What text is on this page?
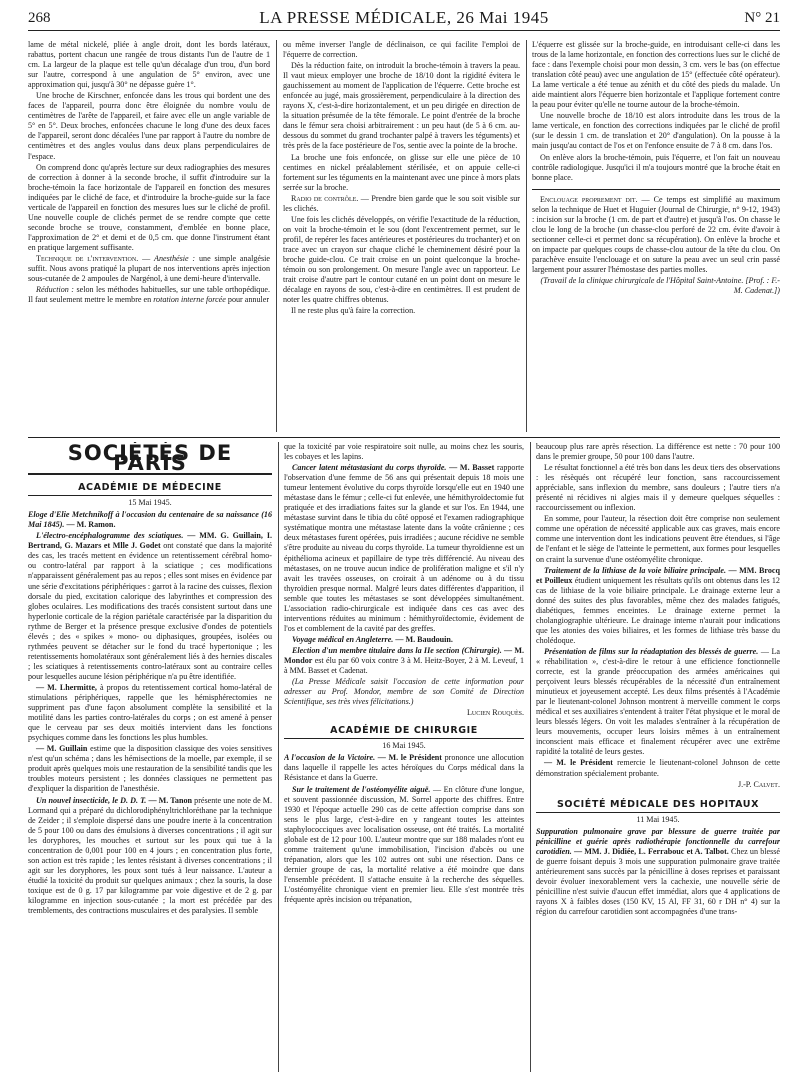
268	LA PRESSE MÉDICALE, 26 Mai 1945	N° 21

lame de métal nickelé, pliée à angle droit, dont les bords latéraux, rabattus, portent chacun une rangée de trous distants l'un de l'autre de 1 cm. La largeur de la plaque est telle qu'un décalage d'un trou, d'un bord sur l'autre, correspond à une angulation de 5° environ, avec une approximation qui, jusqu'à 30° ne dépasse guère 1°.

Une broche de Kirschner, enfoncée dans les trous qui bordent une des faces de l'appareil, pourra donc être éloignée du nombre voulu de centimètres de l'arête de l'appareil, et faire avec elle un angle variable de 5° en 5°. Deux broches, enfoncées chacune le long d'une des deux faces de l'appareil, seront donc décalées l'une par rapport à l'autre du nombre de centimètres et des angles voulus dans deux plans perpendiculaires de l'espace.

On comprend donc qu'après lecture sur deux radiographies des mesures de correction à donner à la seconde broche, il suffit d'introduire sur la broche-témoin la face horizontale de l'appareil en fonction des mesures indiquées par le cliché de face, et d'introduire la broche-guide sur la face verticale de l'appareil en fonction des mesures lues sur le cliché de profil. Une nouvelle couple de clichés permet de se rendre compte que cette seconde broche se trouve, constamment, d'emblée en bonne place, l'approximation de 2° et demi et de 0,5 cm. que donne l'instrument étant en pratique largement suffisante.

Technique de l'intervention. — Anesthésie : une simple analgésie suffit. Nous avons pratiqué la plupart de nos interventions après injection sous-cutanée de 2 ampoules de Nargénol, à une demi-heure d'intervalle.

Réduction : selon les méthodes habituelles, sur une table orthopédique. Il faut seulement mettre le membre en rotation interne forcée pour annuler

ou même inverser l'angle de déclinaison, ce qui facilite l'emploi de l'équerre de correction.

Dès la réduction faite, on introduit la broche-témoin à travers la peau. Il vaut mieux employer une broche de 18/10 dont la rigidité évitera le gauchissement au moment de l'application de l'équerre. Cette broche est enfoncée au jugé, mais grossièrement, perpendiculaire à la direction des rayons X, c'est-à-dire horizontalement, et un peu dirigée en direction de la situation présumée de la tête fémorale. Le point d'entrée de la broche dans le fémur sera choisi arbitrairement : un peu haut (de 5 à 6 cm. au-dessous du sommet du grand trochanter palpé à travers les téguments) et très près de la face postérieure de l'os, sentie avec la pointe de la broche.

La broche une fois enfoncée, on glisse sur elle une pièce de 10 centimes en nickel préalablement stérilisée, et on appuie celle-ci fortement sur les téguments en la maintenant avec une pince à mors plats serrée sur la broche.

Radio de contrôle. — Prendre bien garde que le sou soit visible sur les clichés.

Une fois les clichés développés, on vérifie l'exactitude de la réduction, on voit la broche-témoin et le sou (dont l'excentrement permet, sur le profil, de repérer les faces antérieures et postérieures du trochanter) et on trace avec un crayon sur chaque cliché le cheminement désiré pour la broche guide-clou. Ce trait croise en un point quelconque la broche-témoin ou son prolongement. On mesure l'angle avec un rapporteur. Le trait croise d'autre part le contour cutané en un point dont on mesure le décalage en rayons de sou, c'est-à-dire en centimètres. Il est prudent de noter les quatre chiffres obtenus.

Il ne reste plus qu'à faire la correction.

L'équerre est glissée sur la broche-guide, en introduisant celle-ci dans les trous de la lame horizontale, en fonction des corrections lues sur le cliché de face : dans l'exemple choisi pour mon dessin, 3 cm. vers le bas (on effectue translation côté peau) avec une angulation de 15° (effectuée côté opérateur). La lame verticale a été tenue au zénith et du côté des pieds du malade. Un aide maintient alors l'équerre bien horizontale et l'applique fortement contre la peau pour éviter qu'elle ne tourne autour de la broche-témoin.

Une nouvelle broche de 18/10 est alors introduite dans les trous de la lame verticale, en fonction des corrections indiquées par le cliché de profil (sur le dessin 1 cm. de translation et 20° d'angulation). On la pousse à la main jusqu'au contact de l'os et on l'enfonce ensuite de 7 à 8 cm. dans l'os.

On enlève alors la broche-témoin, puis l'équerre, et l'on fait un nouveau contrôle radiologique. Jusqu'ici il m'a toujours montré que la broche était en bonne place.

Enclouage proprement dit. — Ce temps est simplifié au maximum selon la technique de Huet et Huguier (Journal de Chirurgie, n° 9-12, 1943) : incision sur la broche (1 cm. de part et d'autre) et jusqu'à l'os. On chasse le clou le long de la broche (un chasse-clou perforé de 22 cm. évite d'avoir à sectionner celle-ci et permet donc sa récupération). On enlève la broche et on impacte par quelques coups de chasse-clou autour de la tête du clou. On parachève ensuite l'enclouage et on suture la peau avec un seul crin passé largement pour assurer l'hémostase des parties molles.

(Travail de la clinique chirurgicale de l'Hôpital Saint-Antoine. [Prof. : F.-M. Cadenat.])

SOCIÉTÉS DE PARIS
ACADÉMIE DE MÉDECINE
15 Mai 1945.

Eloge d'Elie Metchnikoff à l'occasion du centenaire de sa naissance (16 Mai 1845). — M. Ramon.

L'électro-encéphalogramme des sciatiques. — MM. G. Guillain, I. Bertrand, G. Mazars et Mlle J. Godet ont constaté que dans la majorité des cas, les tracés mettent en évidence un retentissement cérébral homo- ou contro-latéral par rapport à la sciatique ; ces modifications n'apparaissent généralement pas au repos ; elles sont mises en évidence par une série d'excitations périphériques : garrot à la racine des cuisses, flexion dorsale du pied, excitation calorique des labyrinthes et compression des globes oculaires. Les modifications des tracés consistent surtout dans une hyperlonie corticale de la région pariétale caractérisée par la disparition du rythme de Berger et la présence presque exclusive d'ondes de potentiels élevés ; des « spikes » mono- ou diphasiques, groupées, isolées ou rythmées peuvent se détacher sur le fond du tracé hypertonique ; les retentissements homolatéraux sont généralement liés à des hernies discales ; les sciatiques à retentissements contro-latéraux sont au contraire celles pour lesquelles aucune lésion périphérique n'a pu être identifiée.

— M. Lhermitte, à propos du retentissement cortical homo-latéral de stimulations périphériques, rappelle que les hémisphérectomies ne suppriment pas d'une façon absolument complète la sensibilité et la motilité dans les parties contro-latérales du corps ; on est amené à penser que le cerveau par ses deux moitiés intervient dans les fonctions psychiques comme dans les fonctions les plus humbles.

— M. Guillain estime que la disposition classique des voies sensitives n'est qu'un schéma ; dans les hémisections de la moelle, par exemple, il se produit après quelques mois une restauration de la sensibilité tandis que les troubles moteurs persistent ; les données classiques ne permettent pas d'expliquer la disparition de l'anesthésie.

Un nouvel insecticide, le D. D. T. — M. Tanon présente une note de M. Lormand qui a préparé du dichlorodiphényltrichloréthane par la technique de Zeider ; il s'emploie dispersé dans une poudre inerte à la concentration de 5 pour 100 ou dans des émulsions à diverses concentrations ; il agit sur les doryphores, les mouches et surtout sur les poux qui tue à la concentration de 0,001 pour 100 en 4 jours ; en concentration plus forte, son action est très rapide ; les lentes résistant à diverses concentrations ; il agit sur les doryphores, les poux sont tués à leur naissance. L'auteur a étudié la toxicité du produit sur quelques animaux ; chez la souris, la dose toxique est de 0 g. 17 par kilogramme par voie digestive et de 2 g. par kilogramme en injection sous-cutanée ; la mort est précédée par des tremblements, des contractions musculaires et des paralysies. Il semble

que la toxicité par voie respiratoire soit nulle, au moins chez les souris, les cobayes et les lapins.

Cancer latent métastasiant du corps thyroïde. — M. Basset rapporte l'observation d'une femme de 56 ans qui présentait depuis 18 mois une tumeur lentement évolutive du corps thyroïde lorsqu'elle eut en 1940 une métastase dans le fémur ; celle-ci fut enlevée, une hémithyroïdectomie fut pratiquée et des irradiations faites sur la glande et sur l'os. En 1944, une métastase survint dans le tibia du côté opposé et l'examen radiographique systématique montra une métastase latente dans la voûte crânienne ; ces deux métastases furent opérées, puis irradiées ; aucune récidive ne semble s'être produite au niveau du corps thyroïde. La tumeur thyroïdienne est un épithélioma acineux et papillaire de type très différencié. Au niveau des métastases, on ne trouve aucun indice de prolifération maligne et s'il n'y avait les travées osseuses, on croirait à un adénome ou à du tissu thyroïdien presque normal. Malgré leurs dates différentes d'apparition, il semble que toutes les métastases se sont développées simultanément. L'association radio-chirurgicale est indiquée dans ces cas avec des interventions réduites au minimum : hémithyroïdectomie, évidement de l'os et comblement de la cavité par des greffes.

Voyage médical en Angleterre. — M. Baudouin.

Election d'un membre titulaire dans la IIe section (Chirurgie). — M. Mondor est élu par 60 voix contre 3 à M. Heitz-Boyer, 2 à M. Leveuf, 1 à MM. Basset et Cadenat.

(La Presse Médicale saisit l'occasion de cette information pour adresser au Prof. Mondor, membre de son Comité de Direction Scientifique, ses très vives félicitations.)

Lucien Rouquès.

ACADÉMIE DE CHIRURGIE
16 Mai 1945.

A l'occasion de la Victoire. — M. le Président prononce une allocution dans laquelle il rappelle les actes héroïques du Corps médical dans la Résistance et dans la Guerre.

Sur le traitement de l'ostéomyélite aiguë. — En clôture d'une longue, et souvent passionnée discussion, M. Sorrel apporte des chiffres. Entre 1930 et l'époque actuelle 290 cas de cette affection comprise dans son sens le plus large, c'est-à-dire en y rangeant toutes les atteintes staphylococciques avec localisation osseuse, ont été traités. La mortalité globale est de 12 pour 100. L'auteur montre que sur 188 malades n'ont eu comme traitement qu'une immobilisation, l'incision d'abcès ou une trépanation, alors que les 102 autres ont subi une résection. Dans ce dernier groupe de cas, la mortalité relative a été moindre que dans l'ensemble précédent. Il s'attache ensuite à la recherche des séquelles. L'ostéomyélite chronique vient en premier lieu. Elle s'est montrée très fréquente après incision ou trépanation,

beaucoup plus rare après résection. La différence est nette : 70 pour 100 dans le premier groupe, 50 pour 100 dans l'autre.

Le résultat fonctionnel a été très bon dans les deux tiers des observations : les résèqués ont récupéré leur fonction, sans raccourcissement appréciable, sans inflexion du membre, sans douleurs ; l'autre tiers n'a présenté ni récidives ni algies mais il y demeure quelques séquelles : raccourcissement ou inflexion.

En somme, pour l'auteur, la résection doit être comprise non seulement comme une opération de nécessité applicable aux cas graves, mais encore comme une intervention dont les indications peuvent être étendues, si l'âge de l'enfant et le siège de l'atteinte le permettent, aux formes pour lesquelles on craint la survenue d'une ostéomyélite chronique.

Traitement de la lithiase de la voie biliaire principale. — MM. Brocq et Poilleux étudient uniquement les résultats qu'ils ont obtenus dans les 12 cas de lithiase de la voie biliaire principale. Le drainage externe leur a donné des suites des plus favorables, même chez des malades fatigués, diabétiques, femmes enceintes. Le drainage externe permet la cholangiographie ultérieure. Le drainage interne n'aurait pour indications que les atonies des voies biliaires, et les formes de lithiase très basse du cholédoque.

Présentation de films sur la réadaptation des blessés de guerre. — La « réhabilitation », c'est-à-dire le retour à une efficience fonctionnelle correcte, est la grande préoccupation des armées américaines qui perçoivent leurs blessés récupérables de la nécessité d'un entraînement minutieux et joyeusement accepté. Les deux films présentés à l'Académie par le lieutenant-colonel Johnson montrent à merveille comment le corps médical et ses auxiliaires s'entendent à traiter l'état physique et le moral de leurs blessés légers. On voit les malades s'entraîner à la récupération de leurs mouvements, occuper leurs loisirs mêmes à un entraînement inconscient mais efficace et finalement récupérer avec une extrême rapidité la totalité de leurs gestes.

— M. le Président remercie le lieutenant-colonel Johnson de cette démonstration spécialement probante.

J.-P. Calvet.

SOCIÉTÉ MÉDICALE DES HOPITAUX
11 Mai 1945.

Suppuration pulmonaire grave par blessure de guerre traitée par pénicilline et guérie après radiothérapie fonctionnelle du carrefour carotidien. — MM. J. Didiée, L. Ferrabouc et A. Talbot. Chez un blessé de guerre foisant depuis 3 mois une suppuration pulmonaire grave traitée antérieurement sans succès par la pénicilline à doses reprises et paraissant devoir évoluer inexorablement vers la cachexie, une nouvelle série de pénicilline n'est suivie d'aucun effet immédiat, alors que 4 applications de rayons X à faibles doses (150 KV, 15 Al, FF 31, 60 r DH n° 4) sur la région du carrefour carotidien sont accompagnées d'une trans-
